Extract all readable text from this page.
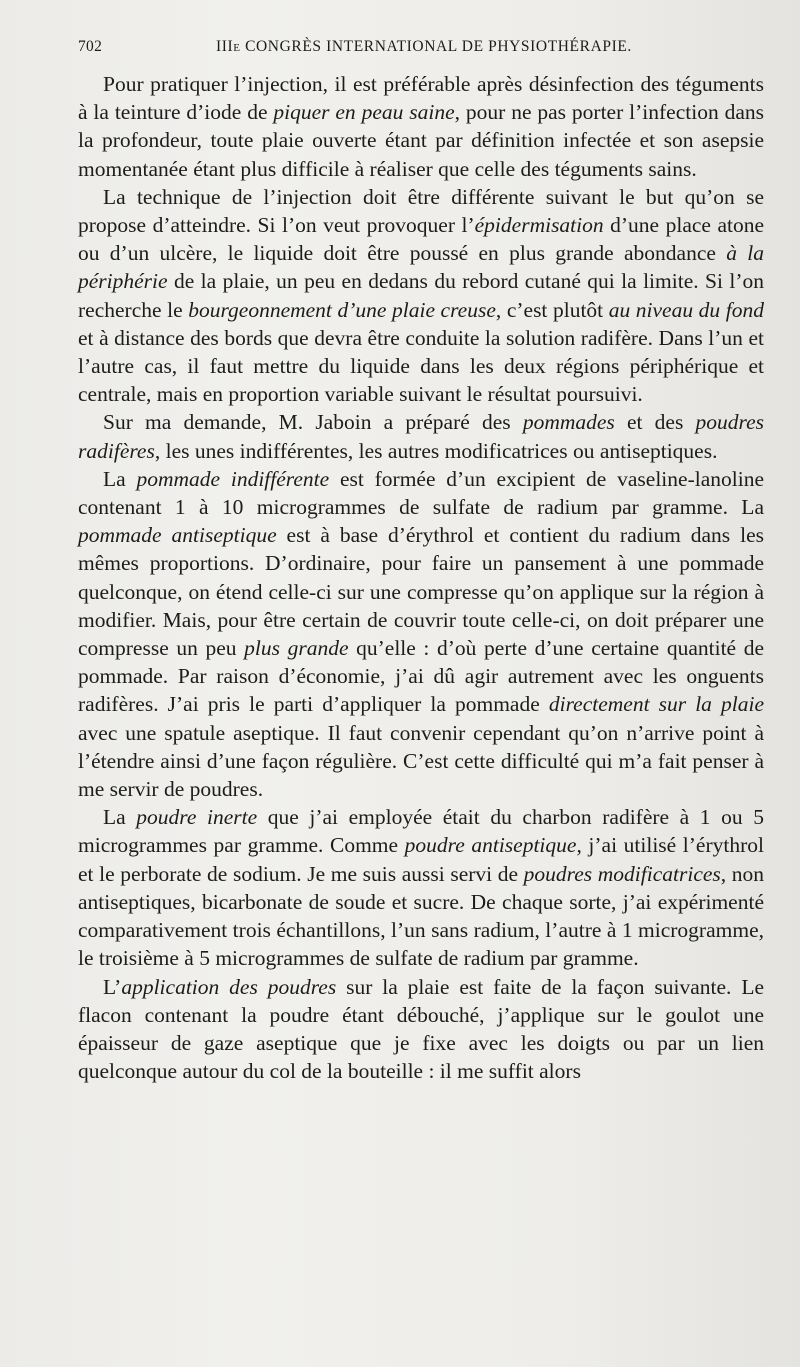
702	IIIe CONGRÈS INTERNATIONAL DE PHYSIOTHÉRAPIE.

Pour pratiquer l’injection, il est préférable après désinfection des téguments à la teinture d’iode de piquer en peau saine, pour ne pas porter l’infection dans la profondeur, toute plaie ouverte étant par définition infectée et son asepsie momentanée étant plus difficile à réaliser que celle des téguments sains.

La technique de l’injection doit être différente suivant le but qu’on se propose d’atteindre. Si l’on veut provoquer l’épidermisation d’une place atone ou d’un ulcère, le liquide doit être poussé en plus grande abondance à la périphérie de la plaie, un peu en dedans du rebord cutané qui la limite. Si l’on recherche le bourgeonnement d’une plaie creuse, c’est plutôt au niveau du fond et à distance des bords que devra être conduite la solution radifère. Dans l’un et l’autre cas, il faut mettre du liquide dans les deux régions périphérique et centrale, mais en proportion variable suivant le résultat poursuivi.

Sur ma demande, M. Jaboin a préparé des pommades et des poudres radifères, les unes indifférentes, les autres modificatrices ou antiseptiques.

La pommade indifférente est formée d’un excipient de vaseline-lanoline contenant 1 à 10 microgrammes de sulfate de radium par gramme. La pommade antiseptique est à base d’érythrol et contient du radium dans les mêmes proportions. D’ordinaire, pour faire un pansement à une pommade quelconque, on étend celle-ci sur une compresse qu’on applique sur la région à modifier. Mais, pour être certain de couvrir toute celle-ci, on doit préparer une compresse un peu plus grande qu’elle : d’où perte d’une certaine quantité de pommade. Par raison d’économie, j’ai dû agir autrement avec les onguents radifères. J’ai pris le parti d’appliquer la pommade directement sur la plaie avec une spatule aseptique. Il faut convenir cependant qu’on n’arrive point à l’étendre ainsi d’une façon régulière. C’est cette difficulté qui m’a fait penser à me servir de poudres.

La poudre inerte que j’ai employée était du charbon radifère à 1 ou 5 microgrammes par gramme. Comme poudre antiseptique, j’ai utilisé l’érythrol et le perborate de sodium. Je me suis aussi servi de poudres modificatrices, non antiseptiques, bicarbonate de soude et sucre. De chaque sorte, j’ai expérimenté comparativement trois échantillons, l’un sans radium, l’autre à 1 microgramme, le troisième à 5 microgrammes de sulfate de radium par gramme.

L’application des poudres sur la plaie est faite de la façon suivante. Le flacon contenant la poudre étant débouché, j’applique sur le goulot une épaisseur de gaze aseptique que je fixe avec les doigts ou par un lien quelconque autour du col de la bouteille : il me suffit alors
